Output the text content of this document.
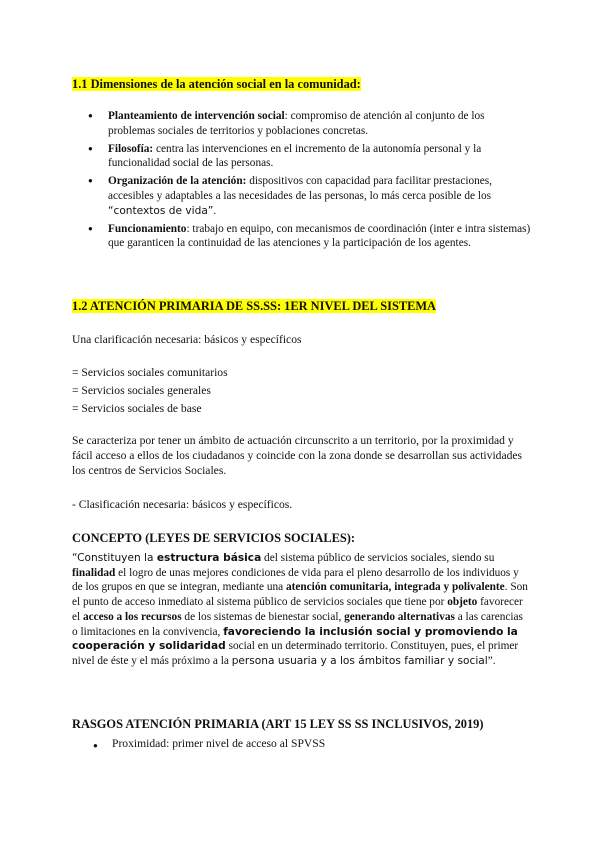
1.1 Dimensiones de la atención social en la comunidad:
● Planteamiento de intervención social: compromiso de atención al conjunto de los problemas sociales de territorios y poblaciones concretas.
● Filosofía: centra las intervenciones en el incremento de la autonomía personal y la funcionalidad social de las personas.
● Organización de la atención: dispositivos con capacidad para facilitar prestaciones, accesibles y adaptables a las necesidades de las personas, lo más cerca posible de los “contextos de vida”.
● Funcionamiento: trabajo en equipo, con mecanismos de coordinación (inter e intra sistemas) que garanticen la continuidad de las atenciones y la participación de los agentes.
1.2 ATENCIÓN PRIMARIA DE SS.SS: 1ER NIVEL DEL SISTEMA
Una clarificación necesaria: básicos y específicos
= Servicios sociales comunitarios
= Servicios sociales generales
= Servicios sociales de base
Se caracteriza por tener un ámbito de actuación circunscrito a un territorio, por la proximidad y fácil acceso a ellos de los ciudadanos y coincide con la zona donde se desarrollan sus actividades los centros de Servicios Sociales.
- Clasificación necesaria: básicos y específicos.
CONCEPTO (LEYES DE SERVICIOS SOCIALES):
“Constituyen la estructura básica del sistema público de servicios sociales, siendo su finalidad el logro de unas mejores condiciones de vida para el pleno desarrollo de los individuos y de los grupos en que se integran, mediante una atención comunitaria, integrada y polivalente. Son el punto de acceso inmediato al sistema público de servicios sociales que tiene por objeto favorecer el acceso a los recursos de los sistemas de bienestar social, generando alternativas a las carencias o limitaciones en la convivencia, favoreciendo la inclusión social y promoviendo la cooperación y solidaridad social en un determinado territorio. Constituyen, pues, el primer nivel de éste y el más próximo a la persona usuaria y a los ámbitos familiar y social”.
RASGOS ATENCIÓN PRIMARIA (ART 15 LEY SS SS INCLUSIVOS, 2019)
● Proximidad: primer nivel de acceso al SPVSS
